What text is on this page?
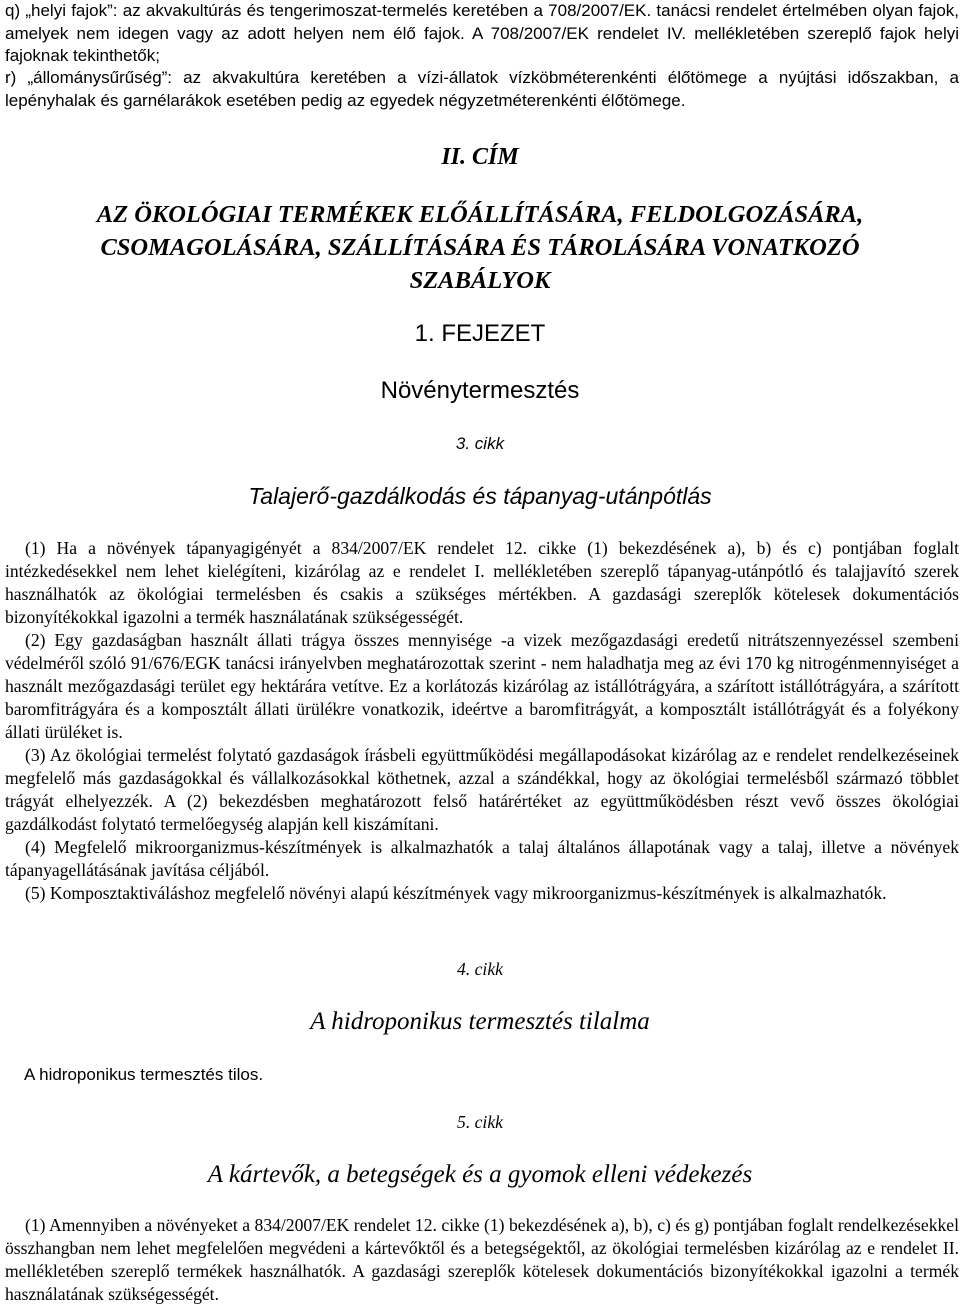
q) „helyi fajok”: az akvakultúrás és tengerimoszat-termelés keretében a 708/2007/EK. tanácsi rendelet értelmében olyan fajok, amelyek nem idegen vagy az adott helyen nem élő fajok. A 708/2007/EK rendelet IV. mellékletében szereplő fajok helyi fajoknak tekinthetők;

r) „állománysűrűség”: az akvakultúra keretében a vízi-állatok vízköbméterenkénti élőtömege a nyújtási időszakban, a lepényhalak és garnélarákok esetében pedig az egyedek négyzetméterenkénti élőtömege.

II. CÍM
AZ ÖKOLÓGIAI TERMÉKEK ELŐÁLLÍTÁSÁRA, FELDOLGOZÁSÁRA,
CSOMAGOLÁSÁRA, SZÁLLÍTÁSÁRA ÉS TÁROLÁSÁRA VONATKOZÓ
SZABÁLYOK
1. FEJEZET
Növénytermesztés
3. cikk
Talajerő-gazdálkodás és tápanyag-utánpótlás

(1) Ha a növények tápanyagigényét a 834/2007/EK rendelet 12. cikke (1) bekezdésének a), b) és c) pontjában foglalt intézkedésekkel nem lehet kielégíteni, kizárólag az e rendelet I. mellékletében szereplő tápanyag-utánpótló és talajjavító szerek használhatók az ökológiai termelésben és csakis a szükséges mértékben. A gazdasági szereplők kötelesek dokumentációs bizonyítékokkal igazolni a termék használatának szükségességét.

(2) Egy gazdaságban használt állati trágya összes mennyisége -a vizek mezőgazdasági eredetű nitrátszennyezéssel szembeni védelméről szóló 91/676/EGK tanácsi irányelvben meghatározottak szerint - nem haladhatja meg az évi 170 kg nitrogénmennyiséget a használt mezőgazdasági terület egy hektárára vetítve. Ez a korlátozás kizárólag az istállótrágyára, a szárított istállótrágyára, a szárított baromfitrágyára és a komposztált állati ürülékre vonatkozik, ideértve a baromfitrágyát, a komposztált istállótrágyát és a folyékony állati ürüléket is.

(3) Az ökológiai termelést folytató gazdaságok írásbeli együttműködési megállapodásokat kizárólag az e rendelet rendelkezéseinek megfelelő más gazdaságokkal és vállalkozásokkal köthetnek, azzal a szándékkal, hogy az ökológiai termelésből származó többlet trágyát elhelyezzék. A (2) bekezdésben meghatározott felső határértéket az együttműködésben részt vevő összes ökológiai gazdálkodást folytató termelőegység alapján kell kiszámítani.

(4) Megfelelő mikroorganizmus-készítmények is alkalmazhatók a talaj általános állapotának vagy a talaj, illetve a növények tápanyagellátásának javítása céljából.

(5) Komposztaktiváláshoz megfelelő növényi alapú készítmények vagy mikroorganizmus-készítmények is alkalmazhatók.

4. cikk
A hidroponikus termesztés tilalma

A hidroponikus termesztés tilos.

5. cikk
A kártevők, a betegségek és a gyomok elleni védekezés

(1) Amennyiben a növényeket a 834/2007/EK rendelet 12. cikke (1) bekezdésének a), b), c) és g) pontjában foglalt rendelkezésekkel összhangban nem lehet megfelelően megvédeni a kártevőktől és a betegségektől, az ökológiai termelésben kizárólag az e rendelet II. mellékletében szereplő termékek használhatók. A gazdasági szereplők kötelesek dokumentációs bizonyítékokkal igazolni a termék használatának szükségességét.
